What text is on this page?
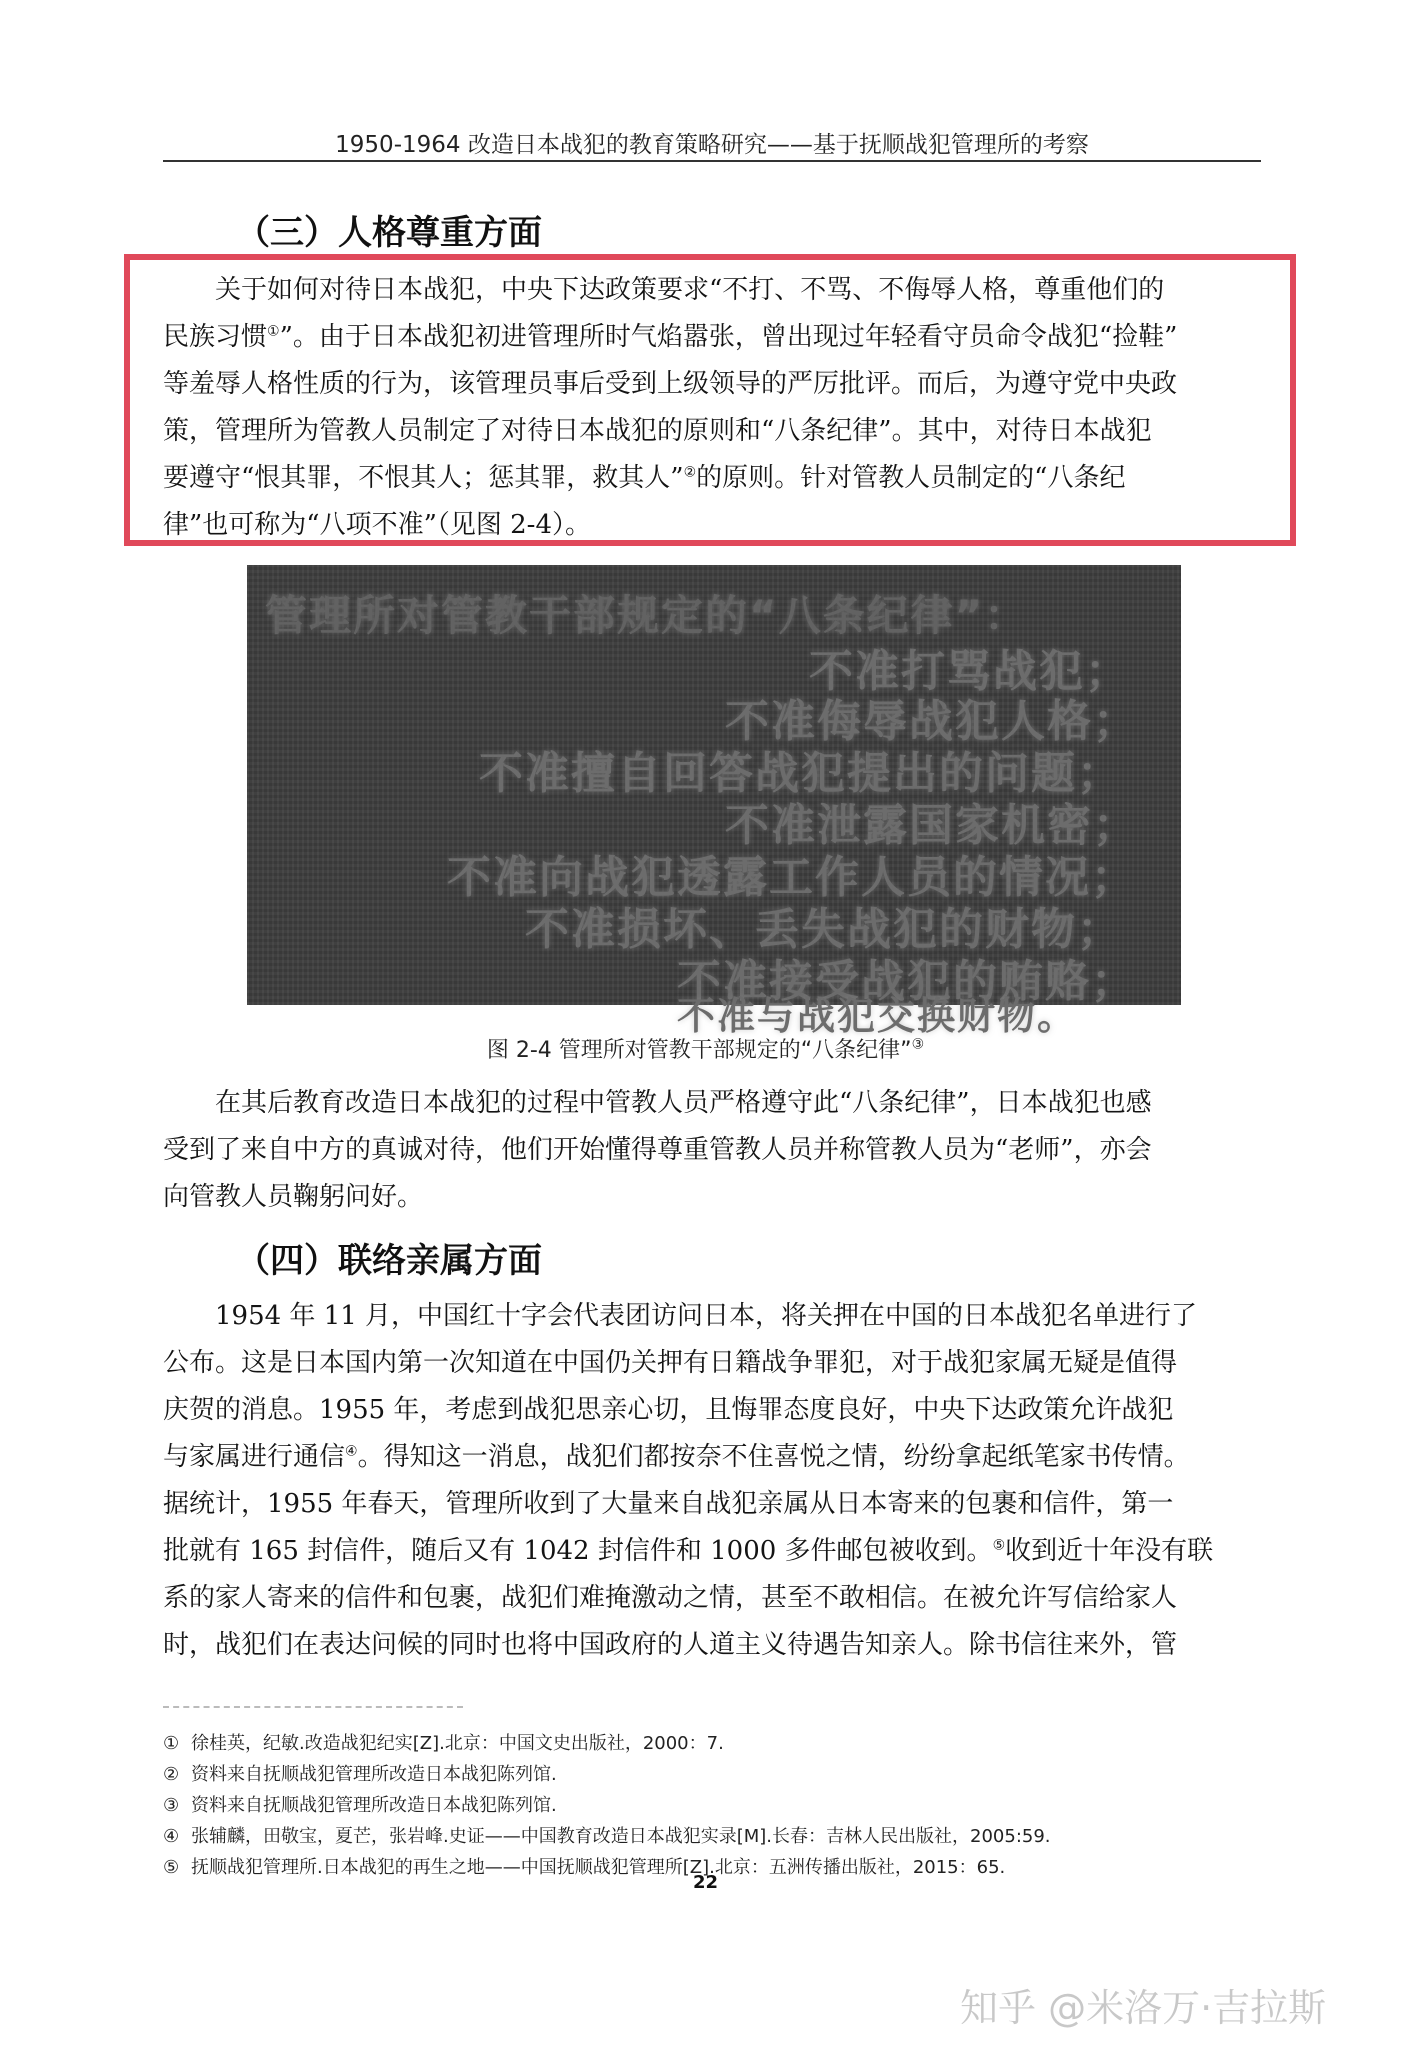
1950-1964 改造日本战犯的教育策略研究——基于抚顺战犯管理所的考察
（三）人格尊重方面
关于如何对待日本战犯，中央下达政策要求“不打、不骂、不侮辱人格，尊重他们的
民族习惯①”。由于日本战犯初进管理所时气焰嚣张，曾出现过年轻看守员命令战犯“捡鞋”
等羞辱人格性质的行为，该管理员事后受到上级领导的严厉批评。而后，为遵守党中央政
策，管理所为管教人员制定了对待日本战犯的原则和“八条纪律”。其中，对待日本战犯
要遵守“恨其罪，不恨其人；惩其罪，救其人”②的原则。针对管教人员制定的“八条纪
律”也可称为“八项不准”（见图 2-4）。
管理所对管教干部规定的“八条纪律”：
不准打骂战犯；
不准侮辱战犯人格；
不准擅自回答战犯提出的问题；
不准泄露国家机密；
不准向战犯透露工作人员的情况；
不准损坏、丢失战犯的财物；
不准接受战犯的贿赂；
不准与战犯交换财物。
图 2-4 管理所对管教干部规定的“八条纪律”③
在其后教育改造日本战犯的过程中管教人员严格遵守此“八条纪律”，日本战犯也感
受到了来自中方的真诚对待，他们开始懂得尊重管教人员并称管教人员为“老师”，亦会
向管教人员鞠躬问好。
（四）联络亲属方面
1954 年 11 月，中国红十字会代表团访问日本，将关押在中国的日本战犯名单进行了
公布。这是日本国内第一次知道在中国仍关押有日籍战争罪犯，对于战犯家属无疑是值得
庆贺的消息。1955 年，考虑到战犯思亲心切，且悔罪态度良好，中央下达政策允许战犯
与家属进行通信④。得知这一消息，战犯们都按奈不住喜悦之情，纷纷拿起纸笔家书传情。
据统计，1955 年春天，管理所收到了大量来自战犯亲属从日本寄来的包裹和信件，第一
批就有 165 封信件，随后又有 1042 封信件和 1000 多件邮包被收到。⑤收到近十年没有联
系的家人寄来的信件和包裹，战犯们难掩激动之情，甚至不敢相信。在被允许写信给家人
时，战犯们在表达问候的同时也将中国政府的人道主义待遇告知亲人。除书信往来外，管
① 徐桂英，纪敏.改造战犯纪实[Z].北京：中国文史出版社，2000：7.
② 资料来自抚顺战犯管理所改造日本战犯陈列馆.
③ 资料来自抚顺战犯管理所改造日本战犯陈列馆.
④ 张辅麟，田敬宝，夏芒，张岩峰.史证——中国教育改造日本战犯实录[M].长春：吉林人民出版社，2005:59.
⑤ 抚顺战犯管理所.日本战犯的再生之地——中国抚顺战犯管理所[Z].北京：五洲传播出版社，2015：65.
22
知乎 @米洛万·吉拉斯
